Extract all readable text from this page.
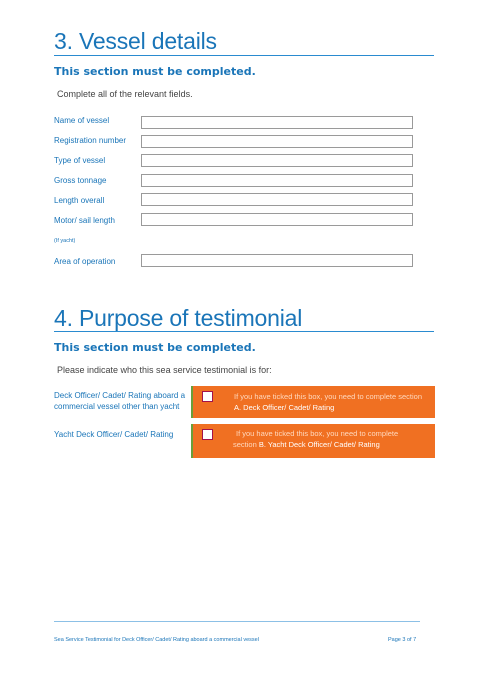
3. Vessel details
This section must be completed.
Complete all of the relevant fields.
Name of vessel
Registration number
Type of vessel
Gross tonnage
Length overall
Motor/ sail length
(If yacht)
Area of operation
4. Purpose of testimonial
This section must be completed.
Please indicate who this sea service testimonial is for:
Deck Officer/ Cadet/ Rating aboard a
commercial vessel other than yacht
If you have ticked this box, you need to complete section
A. Deck Officer/ Cadet/ Rating
Yacht Deck Officer/ Cadet/ Rating	If you have ticked this box, you need to complete
section B. Yacht Deck Officer/ Cadet/ Rating
Sea Service Testimonial for Deck Officer/ Cadet/ Rating aboard a commercial vessel	Page 3 of 7
